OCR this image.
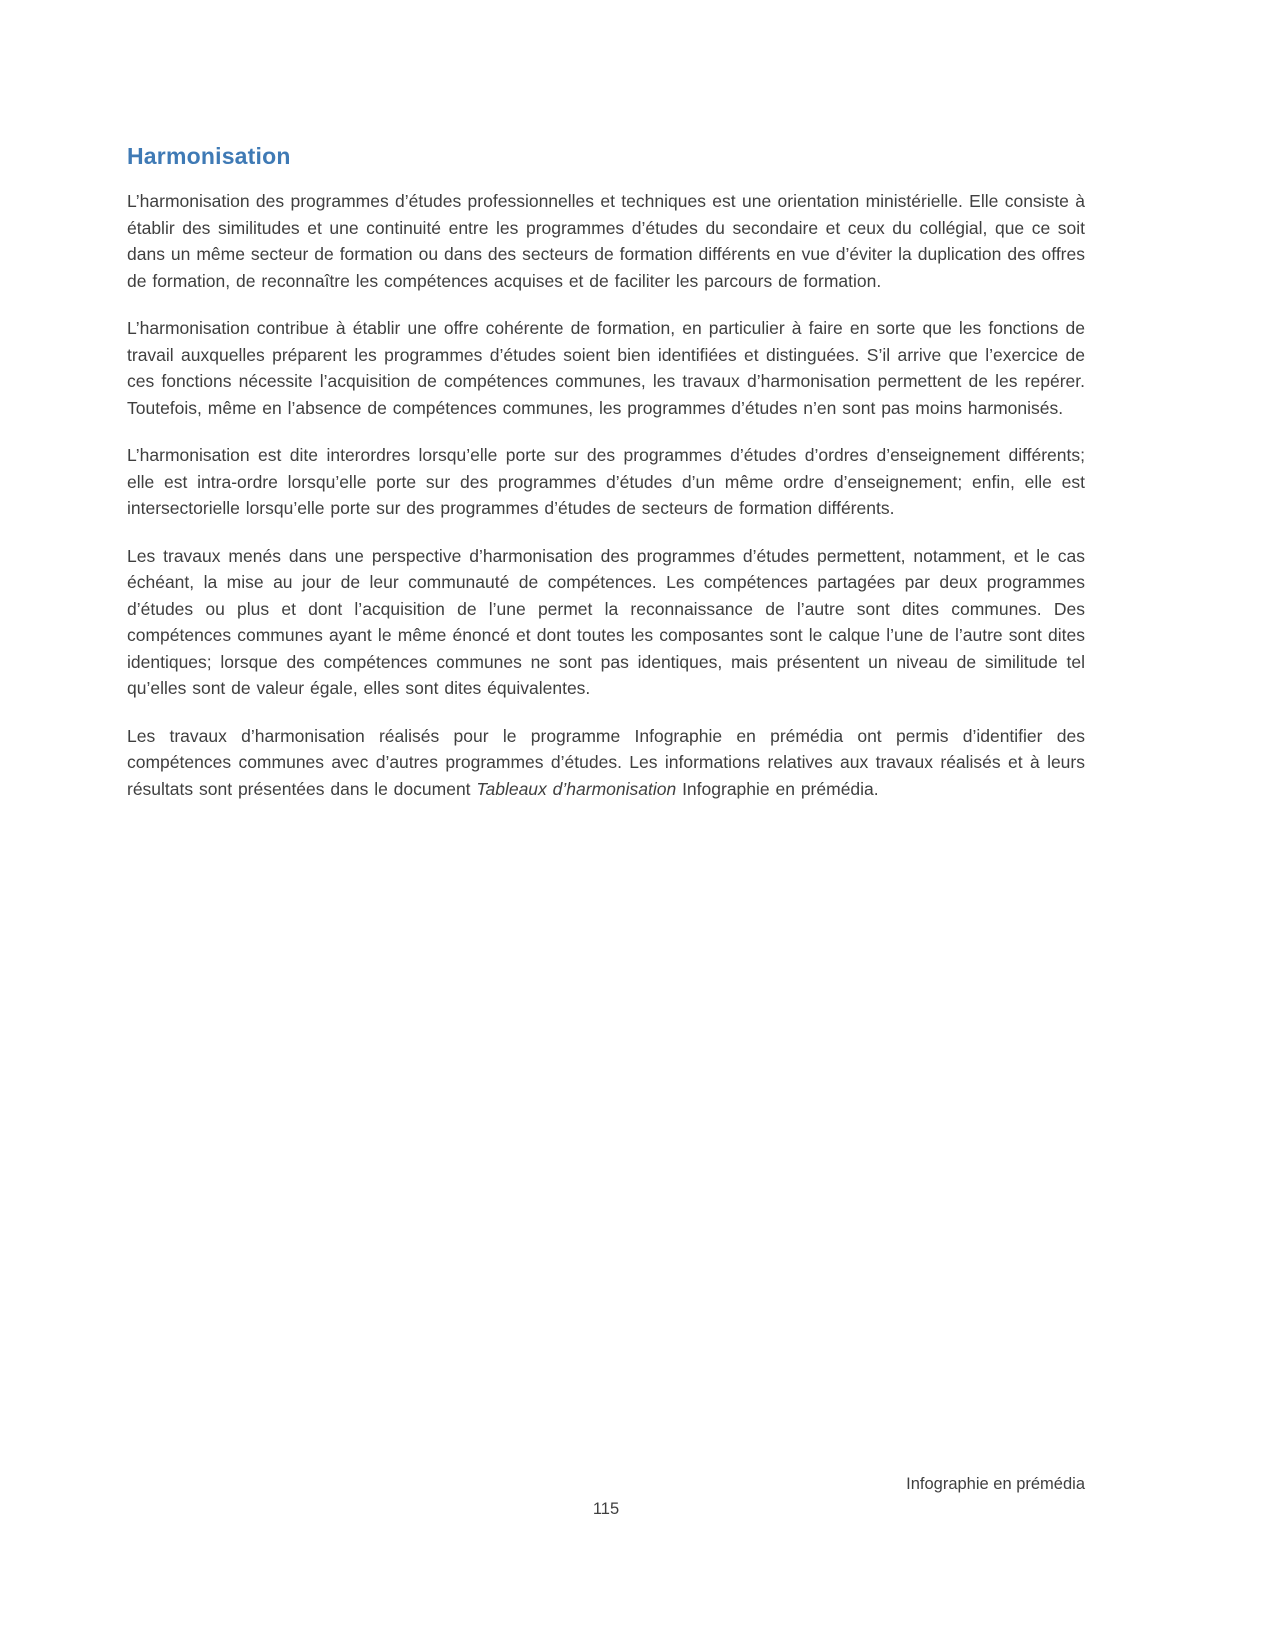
Harmonisation

L’harmonisation des programmes d’études professionnelles et techniques est une orientation ministérielle. Elle consiste à établir des similitudes et une continuité entre les programmes d’études du secondaire et ceux du collégial, que ce soit dans un même secteur de formation ou dans des secteurs de formation différents en vue d’éviter la duplication des offres de formation, de reconnaître les compétences acquises et de faciliter les parcours de formation.

L’harmonisation contribue à établir une offre cohérente de formation, en particulier à faire en sorte que les fonctions de travail auxquelles préparent les programmes d’études soient bien identifiées et distinguées. S’il arrive que l’exercice de ces fonctions nécessite l’acquisition de compétences communes, les travaux d’harmonisation permettent de les repérer. Toutefois, même en l’absence de compétences communes, les programmes d’études n’en sont pas moins harmonisés.

L’harmonisation est dite interordres lorsqu’elle porte sur des programmes d’études d’ordres d’enseignement différents; elle est intra-ordre lorsqu’elle porte sur des programmes d’études d’un même ordre d’enseignement; enfin, elle est intersectorielle lorsqu’elle porte sur des programmes d’études de secteurs de formation différents.

Les travaux menés dans une perspective d’harmonisation des programmes d’études permettent, notamment, et le cas échéant, la mise au jour de leur communauté de compétences. Les compétences partagées par deux programmes d’études ou plus et dont l’acquisition de l’une permet la reconnaissance de l’autre sont dites communes. Des compétences communes ayant le même énoncé et dont toutes les composantes sont le calque l’une de l’autre sont dites identiques; lorsque des compétences communes ne sont pas identiques, mais présentent un niveau de similitude tel qu’elles sont de valeur égale, elles sont dites équivalentes.

Les travaux d’harmonisation réalisés pour le programme Infographie en prémédia ont permis d’identifier des compétences communes avec d’autres programmes d’études. Les informations relatives aux travaux réalisés et à leurs résultats sont présentées dans le document Tableaux d’harmonisation Infographie en prémédia.

Infographie en prémédia
115
